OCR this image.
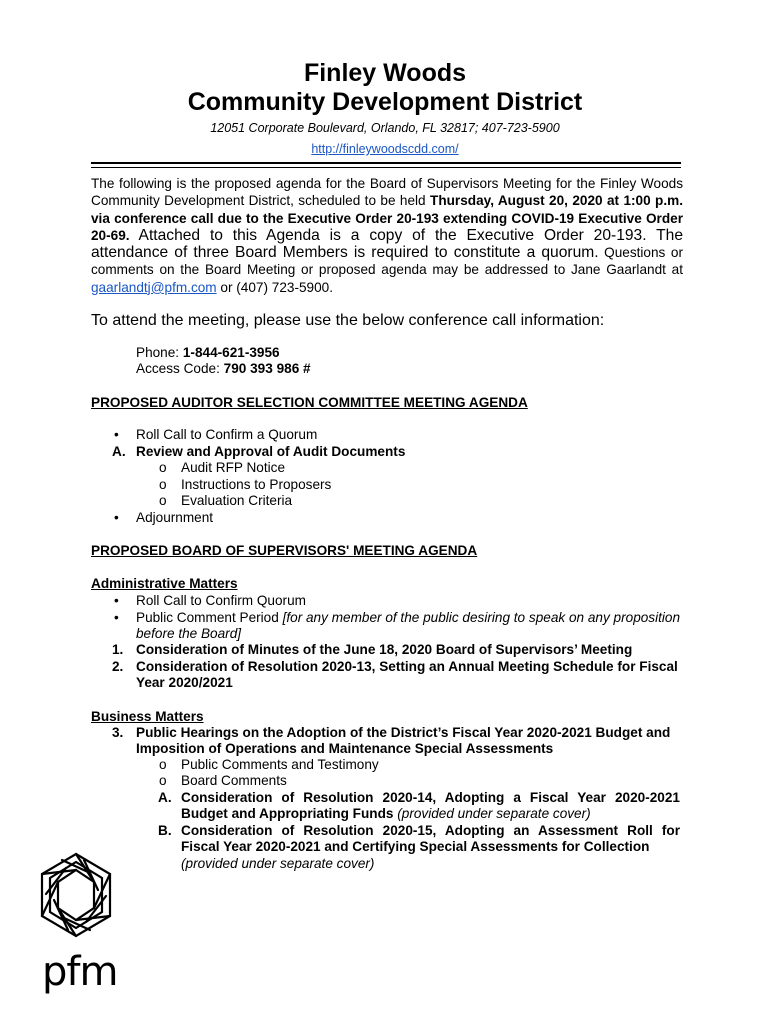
Finley Woods
Community Development District
12051 Corporate Boulevard, Orlando, FL 32817; 407-723-5900
http://finleywoodscdd.com/
The following is the proposed agenda for the Board of Supervisors Meeting for the Finley Woods Community Development District, scheduled to be held Thursday, August 20, 2020 at 1:00 p.m. via conference call due to the Executive Order 20-193 extending COVID-19 Executive Order 20-69. Attached to this Agenda is a copy of the Executive Order 20-193. The attendance of three Board Members is required to constitute a quorum. Questions or comments on the Board Meeting or proposed agenda may be addressed to Jane Gaarlandt at gaarlandtj@pfm.com or (407) 723-5900.
To attend the meeting, please use the below conference call information:
Phone: 1-844-621-3956
Access Code: 790 393 986 #
PROPOSED AUDITOR SELECTION COMMITTEE MEETING AGENDA
• Roll Call to Confirm a Quorum
A. Review and Approval of Audit Documents
o Audit RFP Notice
o Instructions to Proposers
o Evaluation Criteria
• Adjournment
PROPOSED BOARD OF SUPERVISORS' MEETING AGENDA
Administrative Matters
• Roll Call to Confirm Quorum
• Public Comment Period [for any member of the public desiring to speak on any proposition
before the Board]
1. Consideration of Minutes of the June 18, 2020 Board of Supervisors’ Meeting
2. Consideration of Resolution 2020-13, Setting an Annual Meeting Schedule for Fiscal
Year 2020/2021
Business Matters
3. Public Hearings on the Adoption of the District’s Fiscal Year 2020-2021 Budget and
Imposition of Operations and Maintenance Special Assessments
o Public Comments and Testimony
o Board Comments
A. Consideration of Resolution 2020-14, Adopting a Fiscal Year 2020-2021
Budget and Appropriating Funds (provided under separate cover)
B. Consideration of Resolution 2020-15, Adopting an Assessment Roll for
Fiscal Year 2020-2021 and Certifying Special Assessments for Collection
(provided under separate cover)
pfm
